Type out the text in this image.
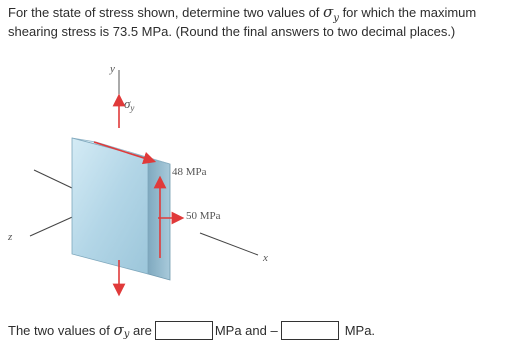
For the state of stress shown, determine two values of $\sigma_y$ for which the maximum shearing stress is 73.5 MPa. (Round the final answers to two decimal places.)

y
$\sigma_y$
z
48 MPa
50 MPa
x
The two values of σ y are	MPa and –	MPa.
